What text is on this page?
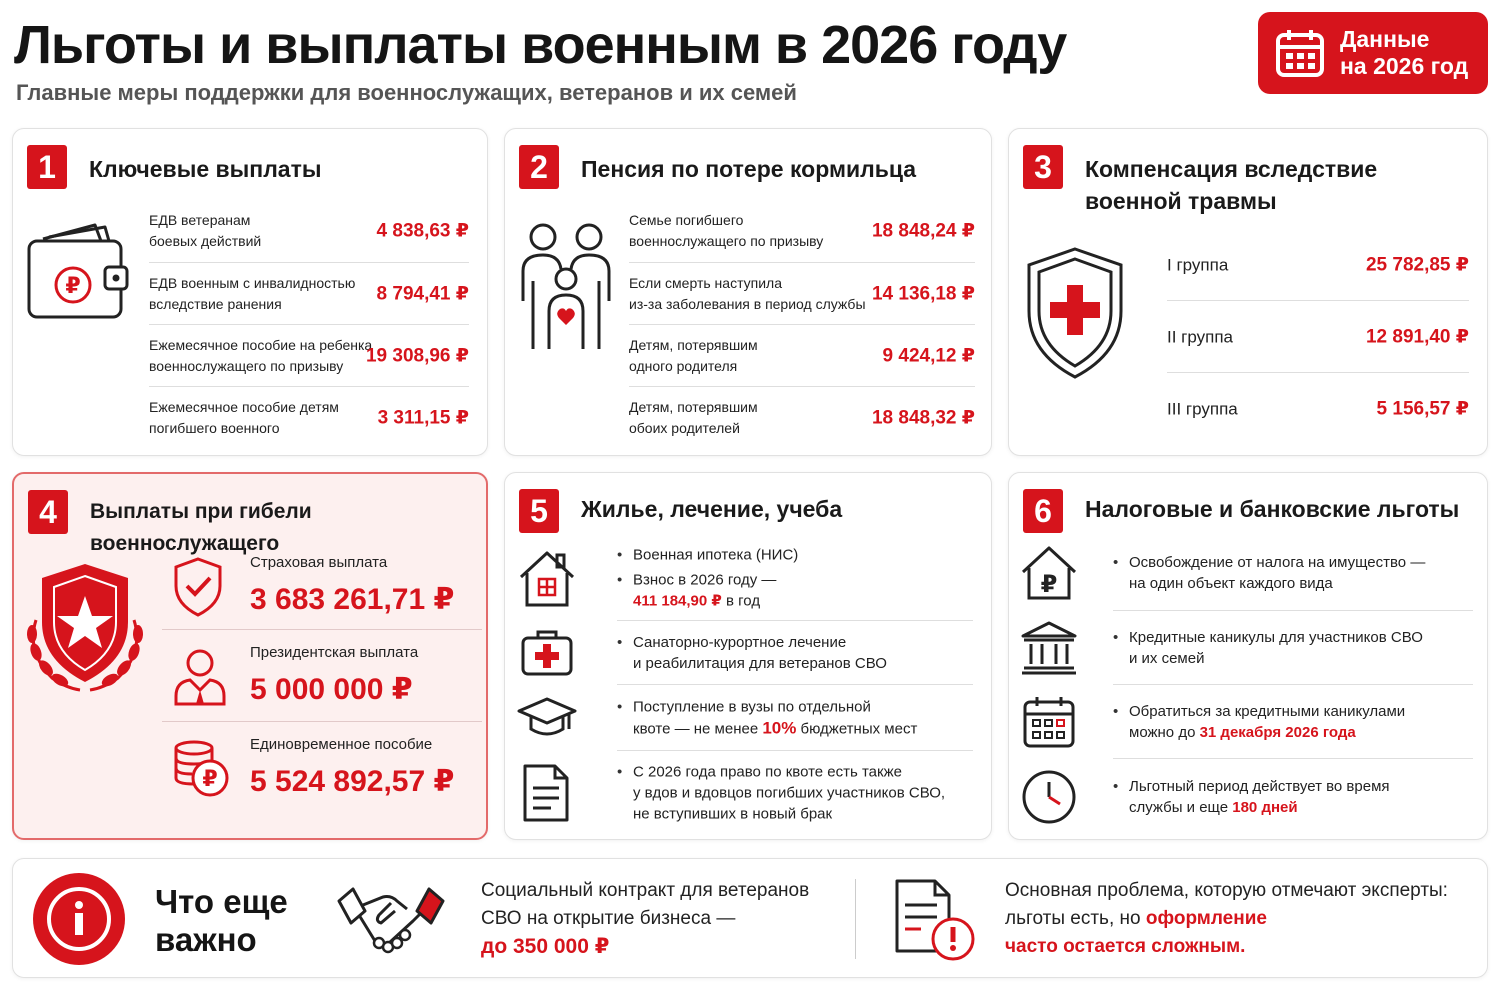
Льготы и выплаты военным в 2026 году
Главные меры поддержки для военнослужащих, ветеранов и их семей
Данные
на 2026 год
1	Ключевые выплаты
₽
ЕДВ ветеранам
боевых действий	4 838,63 ₽
ЕДВ военным с инвалидностью
вследствие ранения	8 794,41 ₽
Ежемесячное пособие на ребенка
военнослужащего по призыву	19 308,96 ₽
Ежемесячное пособие детям
погибшего военного	3 311,15 ₽
2	Пенсия по потере кормильца
Семье погибшего
военнослужащего по призыву	18 848,24 ₽
Если смерть наступила
из-за заболевания в период службы 14 136,18 ₽
Детям, потерявшим
одного родителя	9 424,12 ₽
Детям, потерявшим
обоих родителей	18 848,32 ₽
3	Компенсация вследствие
военной травмы
I группа	25 782,85 ₽
II группа	12 891,40 ₽
III группа	5 156,57 ₽
4	Выплаты при гибели военнослужащего
Страховая выплата
3 683 261,71 ₽
Президентская выплата
5 000 000 ₽
₽
Единовременное пособие
5 524 892,57 ₽
5	Жилье, лечение, учеба
• Военная ипотека (НИС)
• Взнос в 2026 году —
411 184,90 ₽ в год
• Санаторно-курортное лечение
и реабилитация для ветеранов СВО
• Поступление в вузы по отдельной
квоте — не менее 10% бюджетных мест
• С 2026 года право по квоте есть также
у вдов и вдовцов погибших участников СВО,
не вступивших в новый брак
6	Налоговые и банковские льготы
₽
• Освобождение от налога на имущество —
на один объект каждого вида
• Кредитные каникулы для участников СВО
и их семей
• Обратиться за кредитными каникулами
можно до 31 декабря 2026 года
• Льготный период действует во время
службы и еще 180 дней
Что еще
важно
Социальный контракт для ветеранов
СВО на открытие бизнеса —
до 350 000 ₽
Основная проблема, которую отмечают эксперты:
льготы есть, но оформление
часто остается сложным.
